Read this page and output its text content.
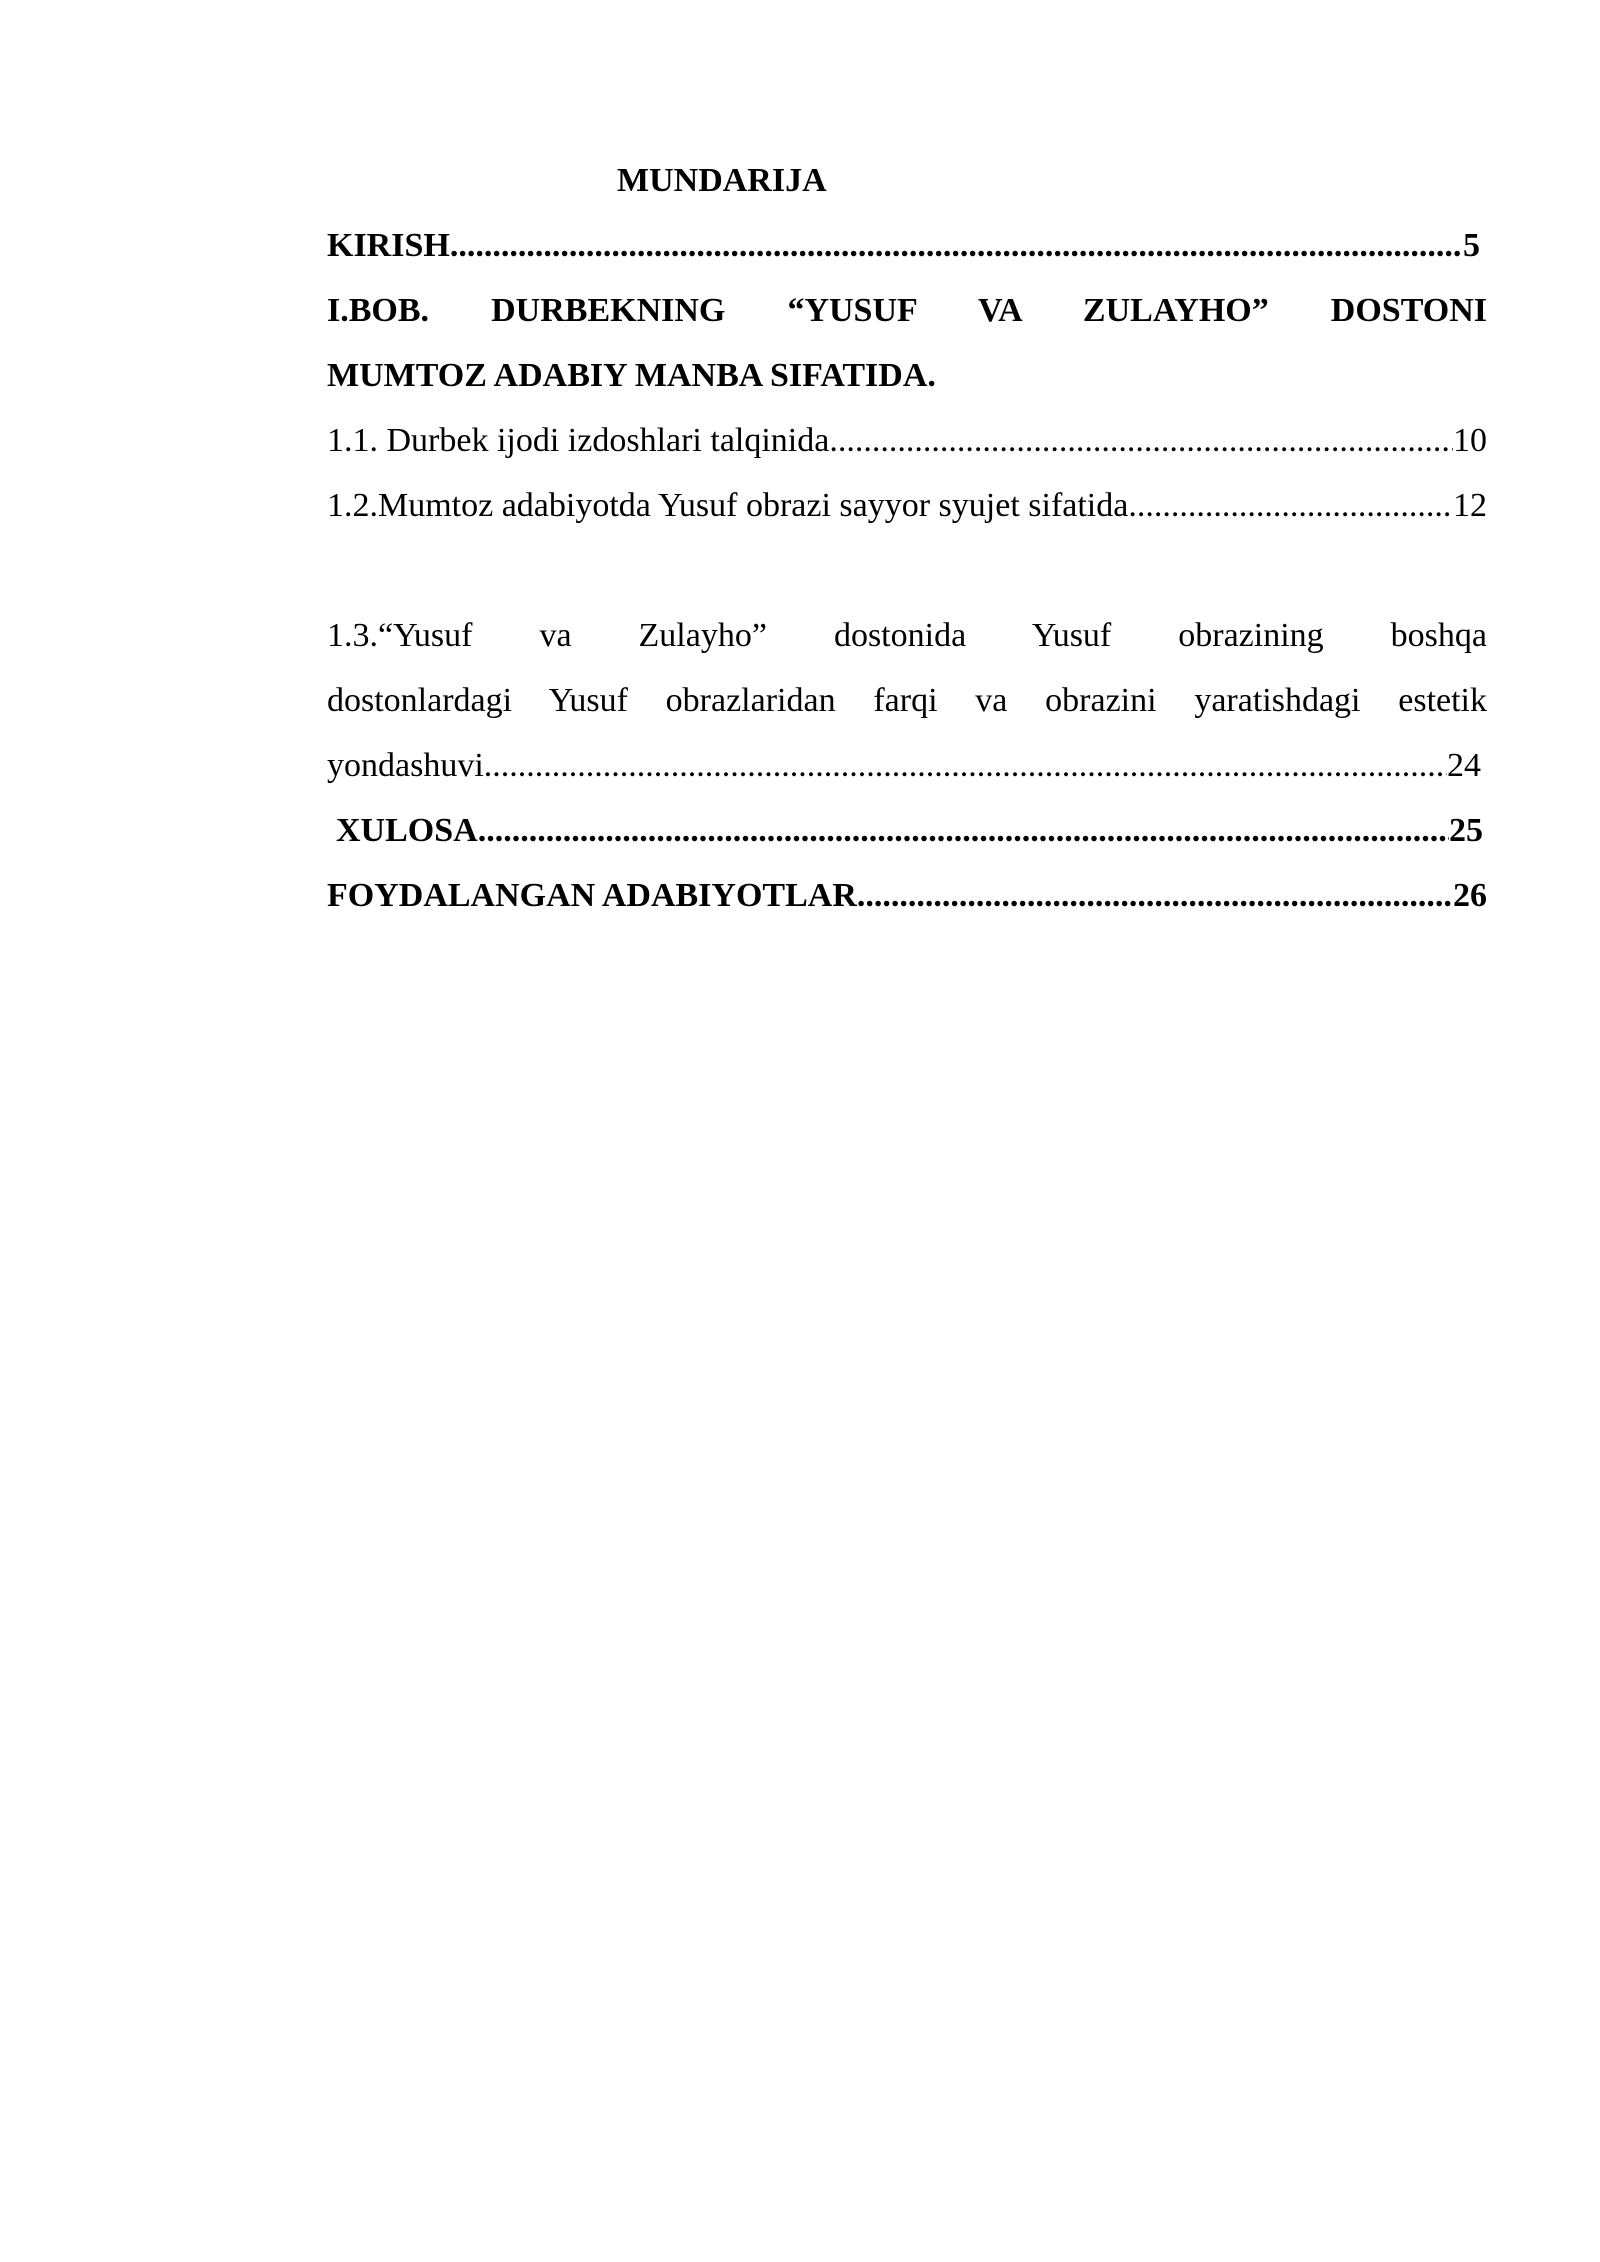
MUNDARIJA
KIRISH .....	5
I.BOB. DURBEKNING “YUSUF VA ZULAYHO” DOSTONI
MUMTOZ ADABIY MANBA SIFATIDA.
1.1. Durbek ijodi izdoshlari talqinida .....	10
1.2.Mumtoz adabiyotda Yusuf obrazi sayyor syujet sifatida .....	12
1.3.“Yusuf va Zulayho” dostonida Yusuf obrazining boshqa
dostonlardagi Yusuf obrazlaridan farqi va obrazini yaratishdagi estetik
yondashuvi .....	24
XULOSA .....	25
FOYDALANGAN ADABIYOTLAR .....	26
